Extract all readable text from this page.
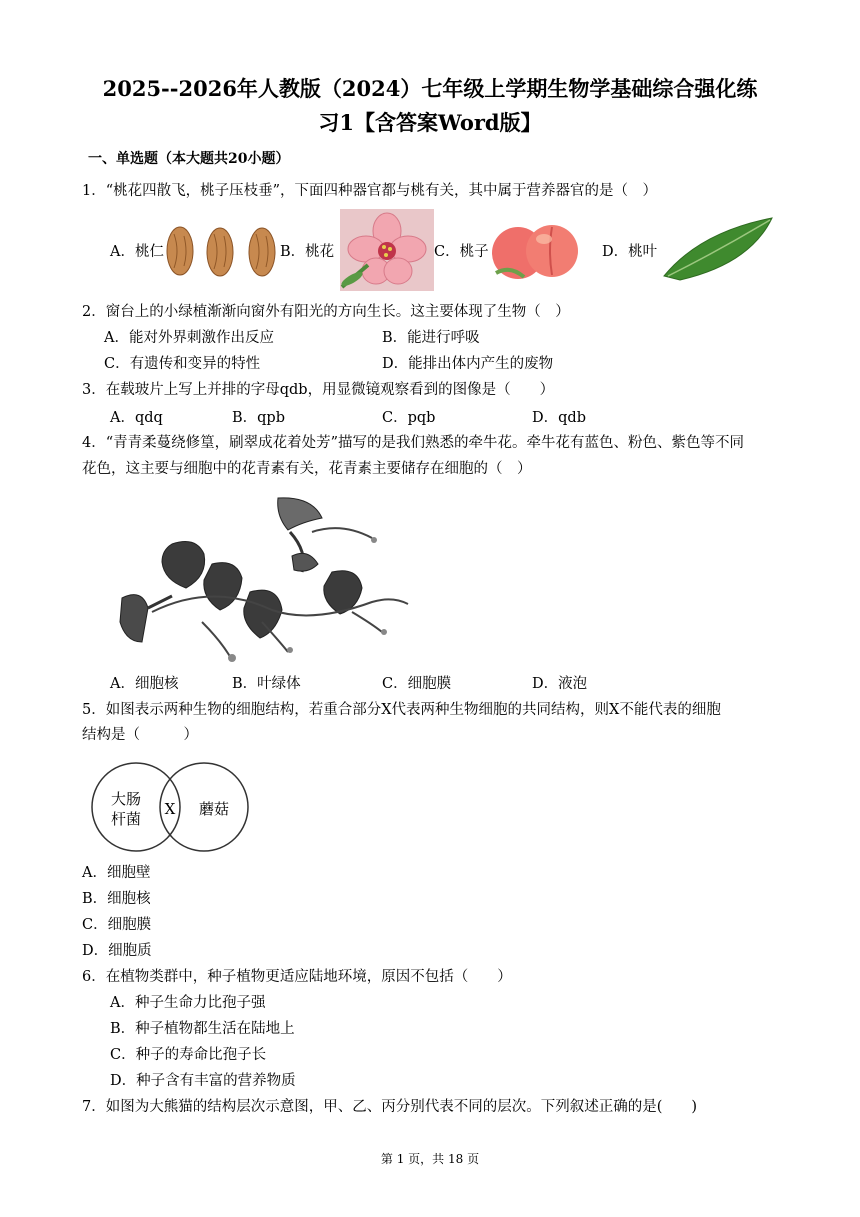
2025--2026年人教版（2024）七年级上学期生物学基础综合强化练
习1【含答案Word版】
一、单选题（本大题共20小题）
1．“桃花四散飞，桃子压枝垂”，下面四种器官都与桃有关，其中属于营养器官的是（　）
A．桃仁	B．桃花	C．桃子	D．桃叶
2．窗台上的小绿植渐渐向窗外有阳光的方向生长。这主要体现了生物（　）
A．能对外界刺激作出反应	B．能进行呼吸
C．有遗传和变异的特性	D．能排出体内产生的废物
3．在载玻片上写上并排的字母qdb，用显微镜观察看到的图像是（　　）
A．qdq	B．qpb	C．pqb	D．qdb
4．“青青柔蔓绕修篁，刷翠成花着处芳”描写的是我们熟悉的牵牛花。牵牛花有蓝色、粉色、紫色等不同
花色，这主要与细胞中的花青素有关，花青素主要储存在细胞的（　）
A．细胞核	B．叶绿体	C．细胞膜	D．液泡
5．如图表示两种生物的细胞结构，若重合部分X代表两种生物细胞的共同结构，则X不能代表的细胞
结构是（　　　）
大肠
杆菌
X 蘑菇
A．细胞壁
B．细胞核
C．细胞膜
D．细胞质
6．在植物类群中，种子植物更适应陆地环境，原因不包括（　　）
A．种子生命力比孢子强
B．种子植物都生活在陆地上
C．种子的寿命比孢子长
D．种子含有丰富的营养物质
7．如图为大熊猫的结构层次示意图，甲、乙、丙分别代表不同的层次。下列叙述正确的是(　　)
第 1 页，共 18 页
